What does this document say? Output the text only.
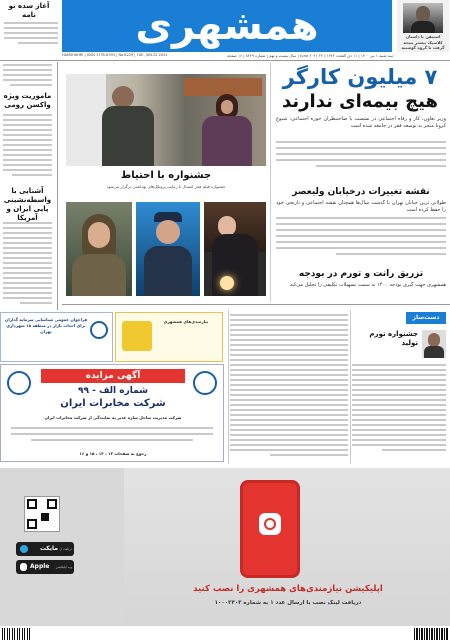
همشهری	استیفن با داستان کلاسیک بیشتر نتیجه گرفت تا گروه گوشنبه
آغاز سده نو نامه
سه شنبه ۱ تیر ۱۴۰۰ | ۱۱ ذی القعده ۱۴۴۲ | ۲۲ June ۲۰۲۱ | سال بیست و نهم | شماره ۸۲۲۹ | ۱۶ صفحه
HAMSHAHRI | ISSN 1735-6393 | No.8229 | TUE. JUN.22 2021
ماموریت ویژه واکسن رومی
آشنایی با واسطه‌نشینی پایی ایران و آمریکا
جشنواره با احتیاط
جشنواره فیلم فجر امسال با رعایت پروتکل‌های بهداشتی برگزار می‌شود
۷ میلیون کارگر
هیچ بیمه‌ای ندارند
وزیر تعاون، کار و رفاه اجتماعی در نشست با صاحبنظران حوزه اجتماعی: شیوع کرونا منجر به توسعه فقر در جامعه شده است
نقشه تغییرات درخیابان ولیعصر
طولانی ترین خیابان تهران با گذشت سال‌ها همچنان نقشه اجتماعی و تاریخی خود را حفظ کرده است
تزریق رانت و تورم در بودجه
همشهری جهت گیری بودجه ۱۴۰۰ به سمت تسهیلات تکلیفی را تحلیل می‌کند
فراخوان عمومی شناسایی سرمایه گذاران برای احداث بازار در منطقه ۱۵ شهرداری تهران
نیازمندی‌های همشهری
آگهی مزایده
شماره الف - ۹۹
شرکت مخابرات ایران
شرکت مدیریت ساحل سازه غدیر به نمایندگی از شرکت مخابرات ایران
رجوع به صفحات ۱۳ ، ۱۴ ، ۱۵ و ۱۶
دست‌ساز
جشنواره تورم تولید
اپلیکیشن نیازمندی‌های همشهری را نصب کنید
دریافت لینک نصب با ارسال عدد ۱ به شماره ۱۰۰۰۲۳۰۳
مایکت دریافت از
Apple وب اپلیکیشن
